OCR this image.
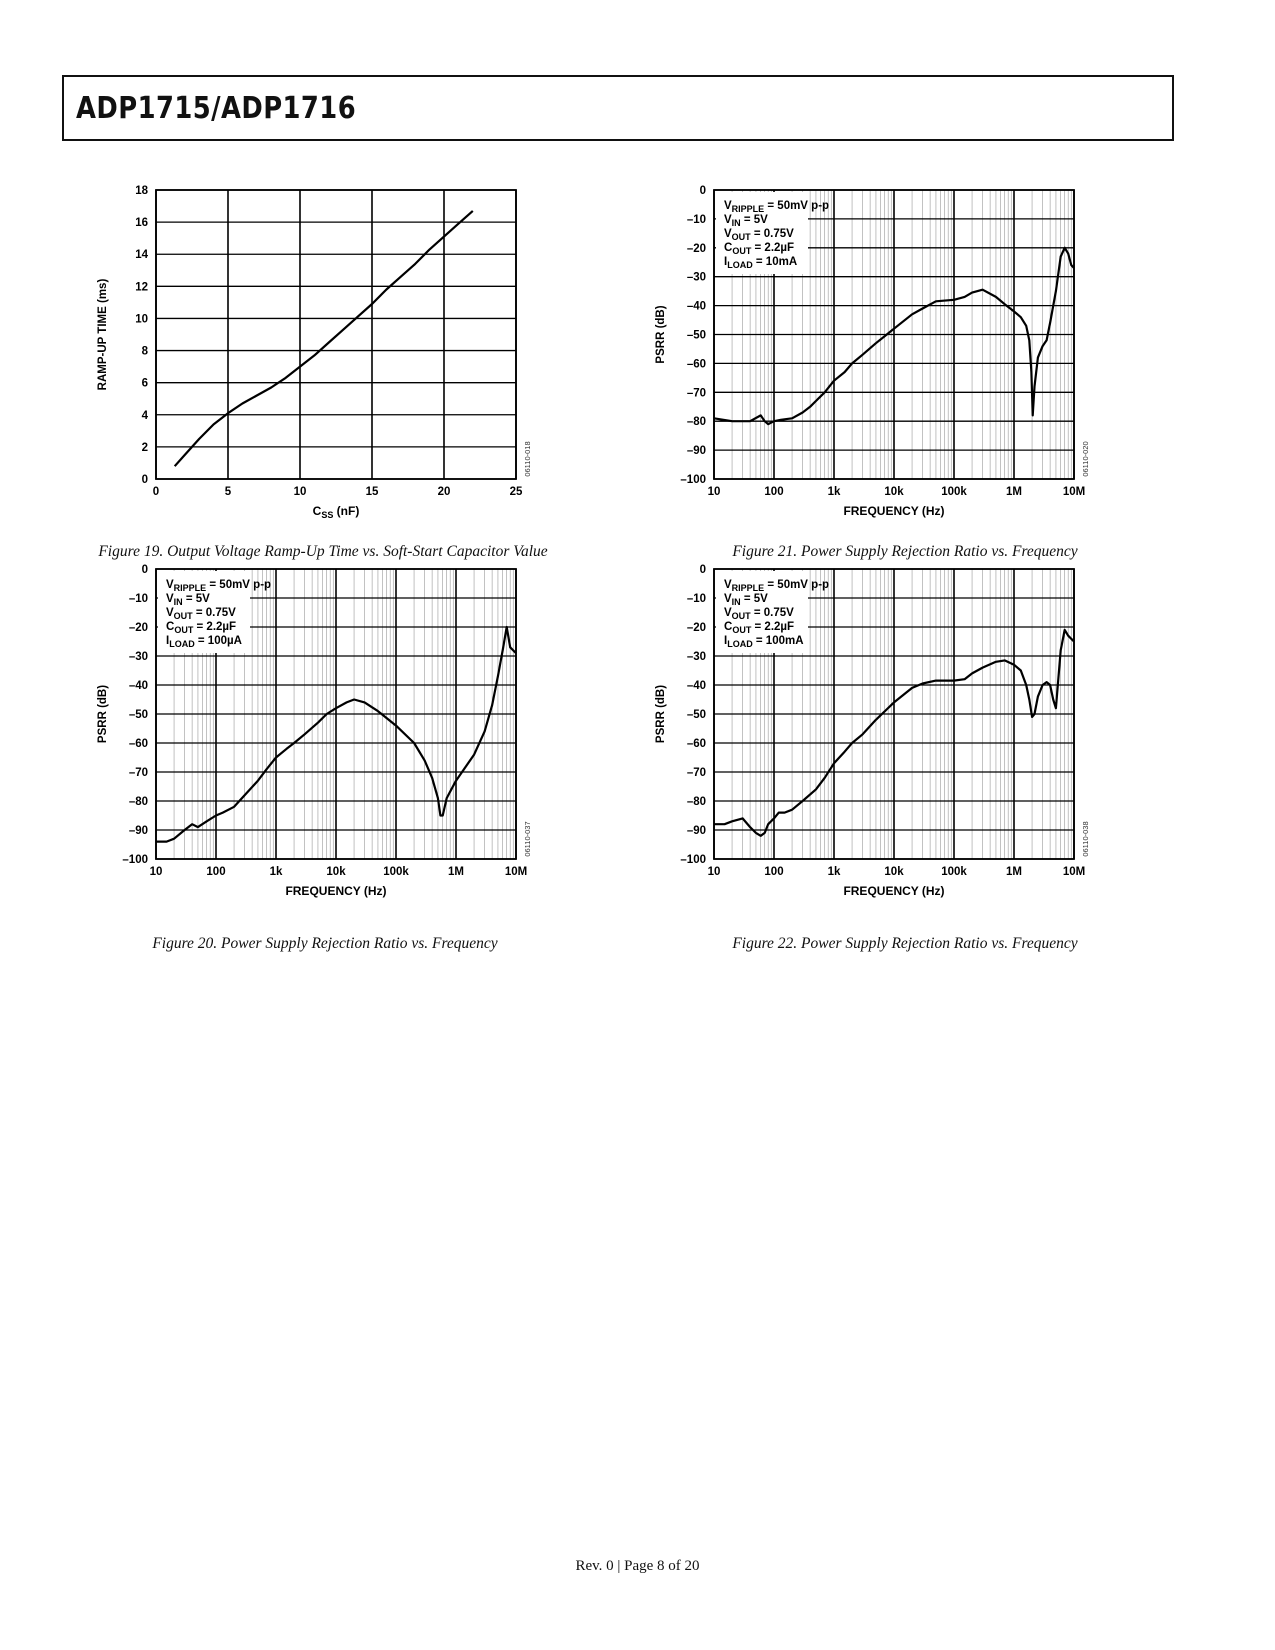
ADP1715/ADP1716
0	5	10	15	20	25
0
2
4
6
8
10
12
14
16
18
$C_{SS}$ (nF)
RAMP-UP TIME (ms)
06110-018
Figure 19. Output Voltage Ramp-Up Time vs. Soft-Start Capacitor Value
$V_{RIPPLE} = 50mV$ p-p
$V_{IN} = 5V$
$V_{OUT} = 0.75V$
$C_{OUT} = 2.2\mu F$
$I_{LOAD} = 10mA$
10	100	1k	10k	100k	1M	10M
0
–10
–20
–30
–40
–50
–60
–70
–80
–90
–100
FREQUENCY (Hz)
PSRR (dB)
06110-020
Figure 21. Power Supply Rejection Ratio vs. Frequency
$V_{RIPPLE} = 50mV$ p-p
$V_{IN} = 5V$
$V_{OUT} = 0.75V$
$C_{OUT} = 2.2\mu F$
$I_{LOAD} = 100\mu A$
10	100	1k	10k	100k	1M	10M
0
–10
–20
–30
–40
–50
–60
–70
–80
–90
–100
FREQUENCY (Hz)
PSRR (dB)
06110-037
Figure 20. Power Supply Rejection Ratio vs. Frequency
$V_{RIPPLE} = 50mV$ p-p
$V_{IN} = 5V$
$V_{OUT} = 0.75V$
$C_{OUT} = 2.2\mu F$
$I_{LOAD} = 100mA$
10	100	1k	10k	100k	1M	10M
0
–10
–20
–30
–40
–50
–60
–70
–80
–90
–100
FREQUENCY (Hz)
PSRR (dB)
06110-038
Figure 22. Power Supply Rejection Ratio vs. Frequency
Rev. 0 | Page 8 of 20
